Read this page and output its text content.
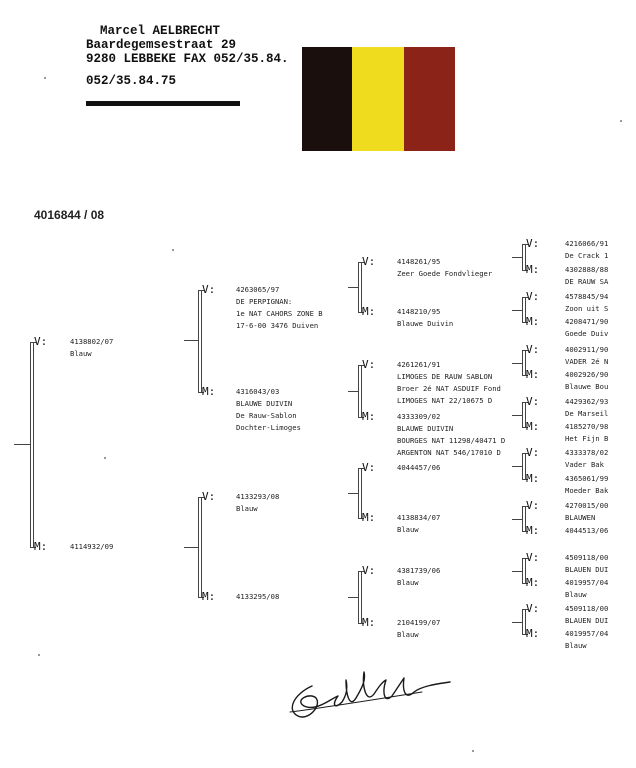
Marcel AELBRECHT
Baardegemsestraat 29
9280 LEBBEKE FAX 052/35.84.
052/35.84.75
4016844 / 08
V:	4138802/07
Blauw
M:	4114932/09
V:	4263065/97
DE PERPIGNAN:
1e NAT CAHORS ZONE B
17-6-00 3476 Duiven
M:	4316043/03
BLAUWE DUIVIN
De Rauw-Sablon
Dochter-Limoges
V:	4133293/08
Blauw
M:	4133295/08
V:	4148261/95
Zeer Goede Fondvlieger
M:	4148210/95
Blauwe Duivin
V:	4261261/91
LIMOGES DE RAUW SABLON
Broer 2é NAT ASDUIF Fond
LIMOGES NAT 22/10675 D
M:	4333309/02
BLAUWE DUIVIN
BOURGES NAT 11298/40471 D
ARGENTON NAT 546/17010 D
V:	4044457/06
M:	4138834/07
Blauw
V:	4381739/06
Blauw
M:	2104199/07
Blauw
V:	4216066/91
De Crack 1
M:	4302888/88
DE RAUW SA
V:	4578845/94
Zoon uit S
M:	4208471/90
Goede Duiv
V:	4002911/90
VADER 2é N
M:	4002926/90
Blauwe Bou
V:	4429362/93
De Marseil
M:	4185270/98
Het Fijn B
V:	4333378/02
Vader Bak
M:	4365061/99
Moeder Bak
V:	4270015/00
BLAUWEN
M:	4044513/06
V:	4509118/00
BLAUEN DUI
M:	4019957/04
Blauw
V:	4509118/00
BLAUEN DUI
M:	4019957/04
Blauw
